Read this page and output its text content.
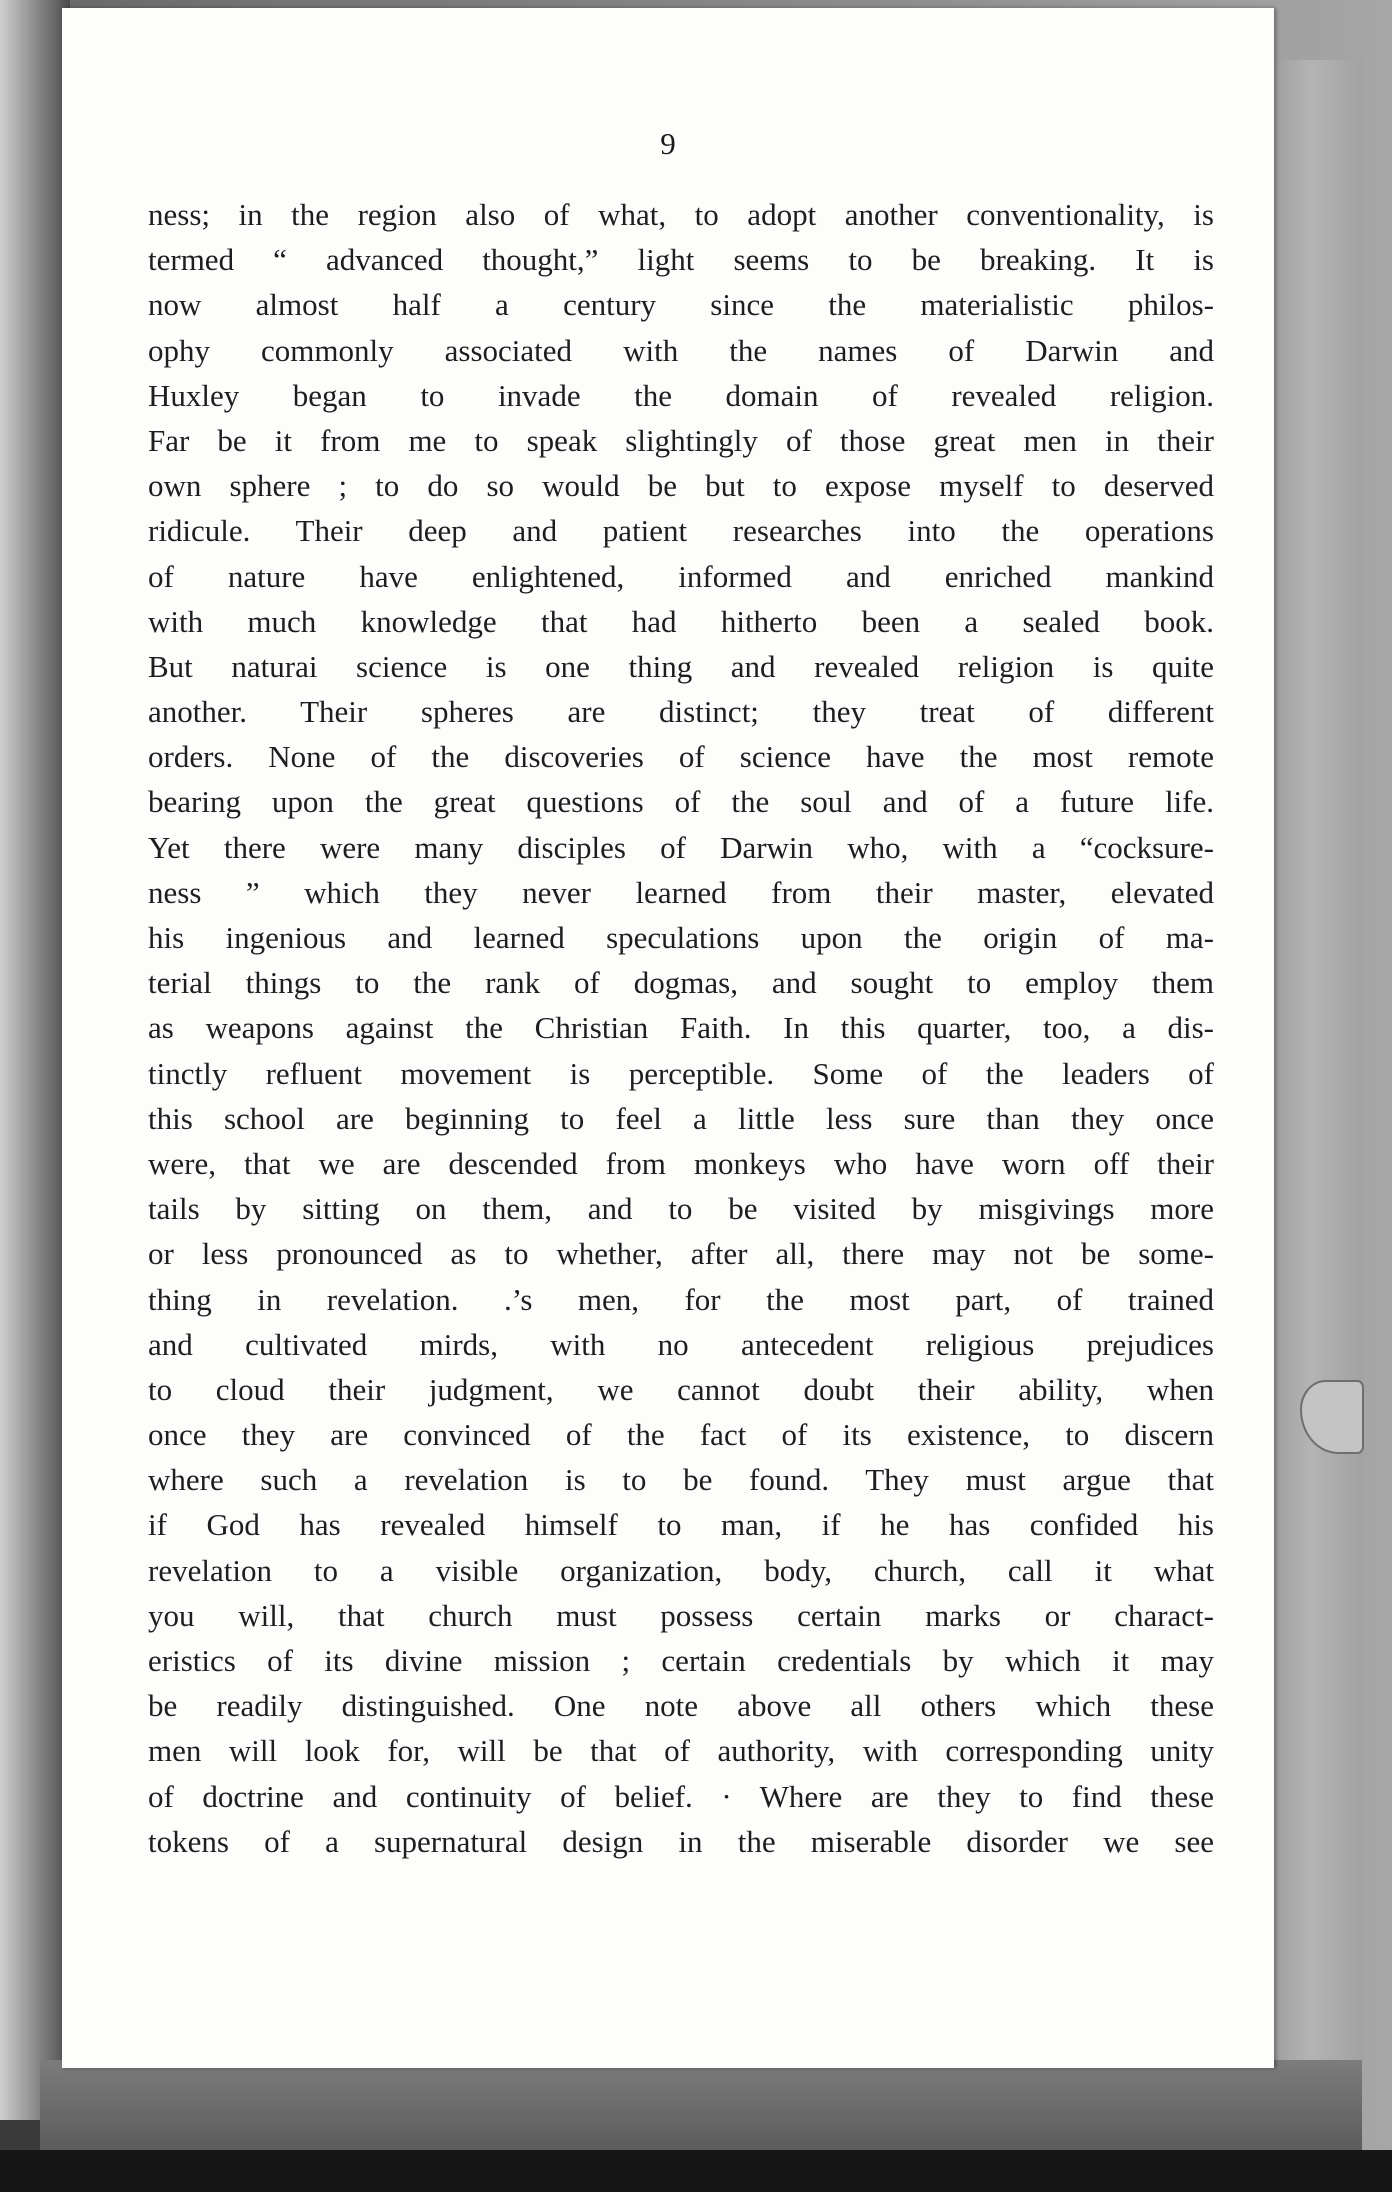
9

ness; in the region also of what, to adopt another conventionality, is
termed “ advanced thought,” light seems to be breaking. It is
now almost half a century since the materialistic philos-
ophy commonly associated with the names of Darwin and
Huxley began to invade the domain of revealed religion.
Far be it from me to speak slightingly of those great men in their
own sphere ; to do so would be but to expose myself to deserved
ridicule. Their deep and patient researches into the operations
of nature have enlightened, informed and enriched mankind
with much knowledge that had hitherto been a sealed book.
But naturai science is one thing and revealed religion is quite
another. Their spheres are distinct; they treat of different
orders. None of the discoveries of science have the most remote
bearing upon the great questions of the soul and of a future life.
Yet there were many disciples of Darwin who, with a “cocksure-
ness ” which they never learned from their master, elevated
his ingenious and learned speculations upon the origin of ma-
terial things to the rank of dogmas, and sought to employ them
as weapons against the Christian Faith. In this quarter, too, a dis-
tinctly refluent movement is perceptible. Some of the leaders of
this school are beginning to feel a little less sure than they once
were, that we are descended from monkeys who have worn off their
tails by sitting on them, and to be visited by misgivings more
or less pronounced as to whether, after all, there may not be some-
thing in revelation. .’s men, for the most part, of trained
and cultivated mirds, with no antecedent religious prejudices
to cloud their judgment, we cannot doubt their ability, when
once they are convinced of the fact of its existence, to discern
where such a revelation is to be found. They must argue that
if God has revealed himself to man, if he has confided his
revelation to a visible organization, body, church, call it what
you will, that church must possess certain marks or charact-
eristics of its divine mission ; certain credentials by which it may
be readily distinguished. One note above all others which these
men will look for, will be that of authority, with corresponding unity
of doctrine and continuity of belief. · Where are they to find these
tokens of a supernatural design in the miserable disorder we see
